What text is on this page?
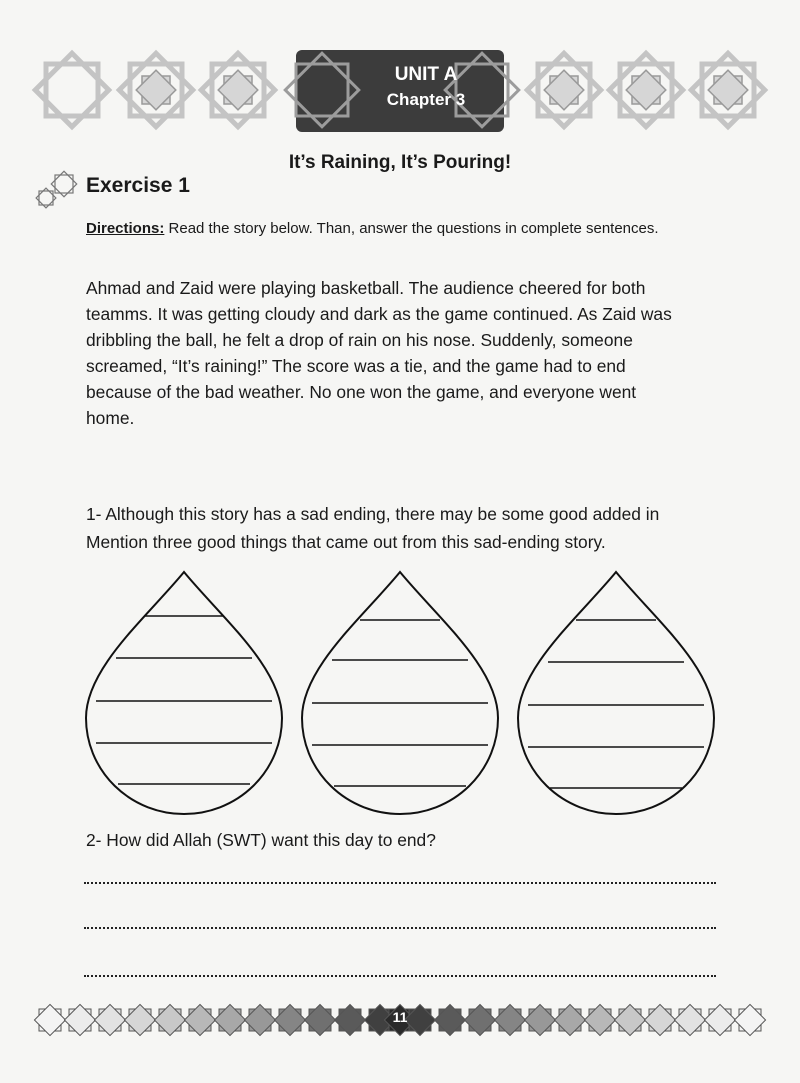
UNIT A
Chapter 3
It’s Raining, It’s Pouring!
Exercise 1
Directions: Read the story below. Than, answer the questions in complete sentences.

Ahmad and Zaid were playing basketball. The audience cheered for both

teamms. It was getting cloudy and dark as the game continued. As Zaid was

dribbling the ball, he felt a drop of rain on his nose. Suddenly, someone

screamed, “It’s raining!” The score was a tie, and the game had to end

because of the bad weather. No one won the game, and everyone went

home.

1- Although this story has a sad ending, there may be some good added in

Mention three good things that came out from this sad-ending story.

2- How did Allah (SWT) want this day to end?
11
